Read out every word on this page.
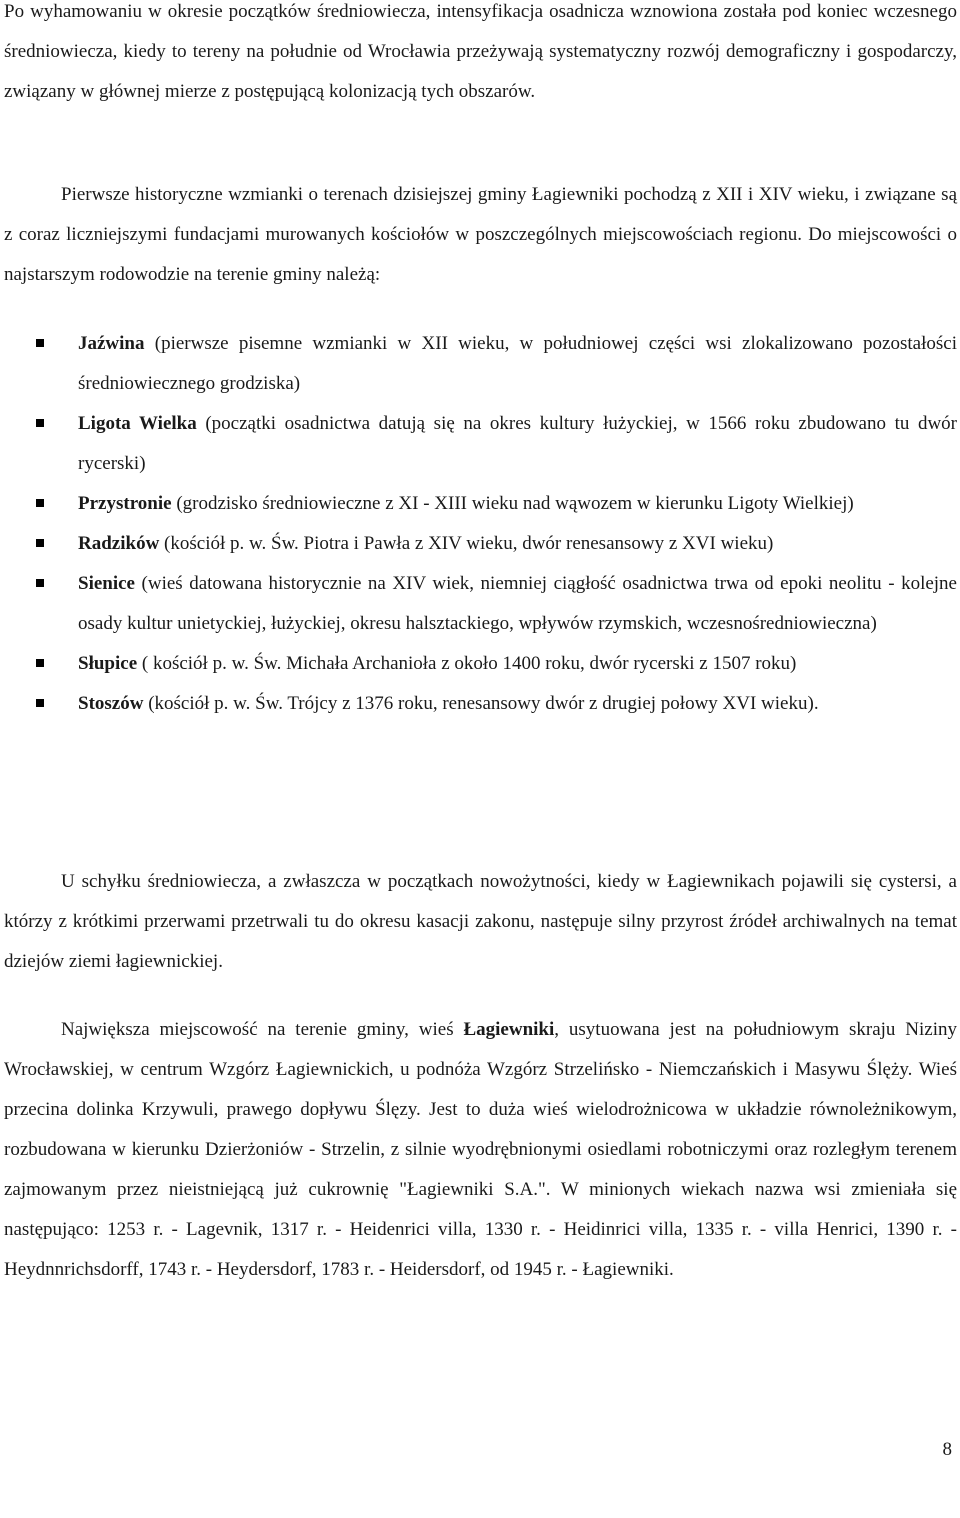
Po wyhamowaniu w okresie początków średniowiecza, intensyfikacja osadnicza wznowiona została pod koniec wczesnego średniowiecza, kiedy to tereny na południe od Wrocławia przeżywają systematyczny rozwój demograficzny i gospodarczy, związany w głównej mierze z postępującą kolonizacją tych obszarów.

Pierwsze historyczne wzmianki o terenach dzisiejszej gminy Łagiewniki pochodzą z XII i XIV wieku, i związane są z coraz liczniejszymi fundacjami murowanych kościołów w poszczególnych miejscowościach regionu. Do miejscowości o najstarszym rodowodzie na terenie gminy należą:

Jaźwina (pierwsze pisemne wzmianki w XII wieku, w południowej części wsi zlokalizowano pozostałości średniowiecznego grodziska)
Ligota Wielka (początki osadnictwa datują się na okres kultury łużyckiej, w 1566 roku zbudowano tu dwór rycerski)
Przystronie (grodzisko średniowieczne z XI - XIII wieku nad wąwozem w kierunku Ligoty Wielkiej)
Radzików (kościół p. w. Św. Piotra i Pawła z XIV wieku, dwór renesansowy z XVI wieku)
Sienice (wieś datowana historycznie na XIV wiek, niemniej ciągłość osadnictwa trwa od epoki neolitu - kolejne osady kultur unietyckiej, łużyckiej, okresu halsztackiego, wpływów rzymskich, wczesnośredniowieczna)
Słupice ( kościół p. w. Św. Michała Archanioła z około 1400 roku, dwór rycerski z 1507 roku)
Stoszów (kościół p. w. Św. Trójcy z 1376 roku, renesansowy dwór z drugiej połowy XVI wieku).

U schyłku średniowiecza, a zwłaszcza w początkach nowożytności, kiedy w Łagiewnikach pojawili się cystersi, a którzy z krótkimi przerwami przetrwali tu do okresu kasacji zakonu, następuje silny przyrost źródeł archiwalnych na temat dziejów ziemi łagiewnickiej.

Największa miejscowość na terenie gminy, wieś Łagiewniki, usytuowana jest na południowym skraju Niziny Wrocławskiej, w centrum Wzgórz Łagiewnickich, u podnóża Wzgórz Strzelińsko - Niemczańskich i Masywu Ślęży. Wieś przecina dolinka Krzywuli, prawego dopływu Ślęzy. Jest to duża wieś wielodrożnicowa w układzie równoleżnikowym, rozbudowana w kierunku Dzierżoniów - Strzelin, z silnie wyodrębnionymi osiedlami robotniczymi oraz rozległym terenem zajmowanym przez nieistniejącą już cukrownię "Łagiewniki S.A.". W minionych wiekach nazwa wsi zmieniała się następująco: 1253 r. - Lagevnik, 1317 r. - Heidenrici villa, 1330 r. - Heidinrici villa, 1335 r. - villa Henrici, 1390 r. -Heydnnrichsdorff, 1743 r. - Heydersdorf, 1783 r. - Heidersdorf, od 1945 r. - Łagiewniki.

8
